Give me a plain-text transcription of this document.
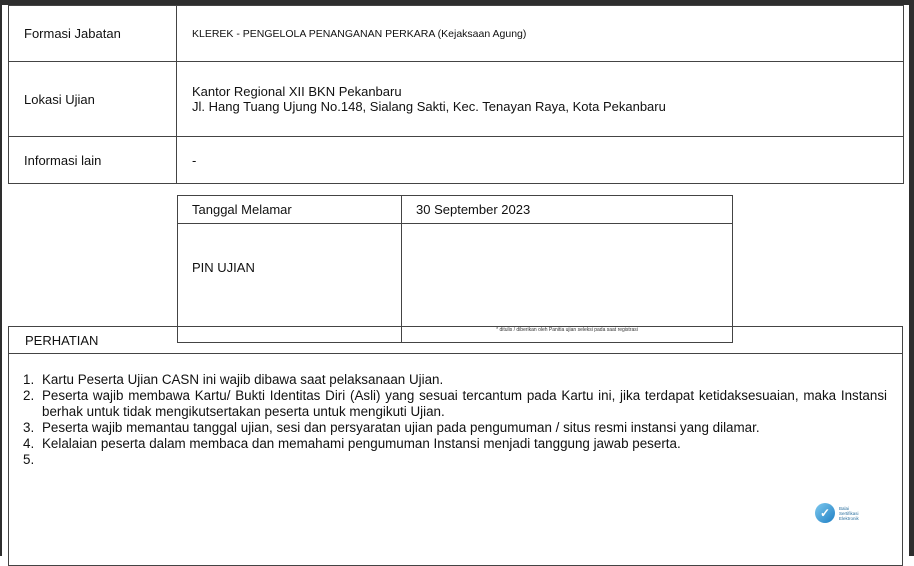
Formasi Jabatan	KLEREK - PENGELOLA PENANGANAN PERKARA (Kejaksaan Agung)
Lokasi Ujian	Kantor Regional XII BKN Pekanbaru
Jl. Hang Tuang Ujung No.148, Sialang Sakti, Kec. Tenayan Raya, Kota Pekanbaru

Informasi lain	-
Tanggal Melamar	30 September 2023
PIN UJIAN	* ditulis / diberikan oleh Panitia ujian seleksi pada saat registrasi
PERHATIAN
1. Kartu Peserta Ujian CASN ini wajib dibawa saat pelaksanaan Ujian.
2. Peserta wajib membawa Kartu/ Bukti Identitas Diri (Asli) yang sesuai tercantum pada Kartu ini, jika terdapat ketidaksesuaian, maka Instansi berhak untuk tidak mengikutsertakan peserta untuk mengikuti Ujian.
3. Peserta wajib memantau tanggal ujian, sesi dan persyaratan ujian pada pengumuman / situs resmi instansi yang dilamar.
4. Kelalaian peserta dalam membaca dan memahami pengumuman Instansi menjadi tanggung jawab peserta.
5.
✓	Balai
Sertifikasi
Elektronik
